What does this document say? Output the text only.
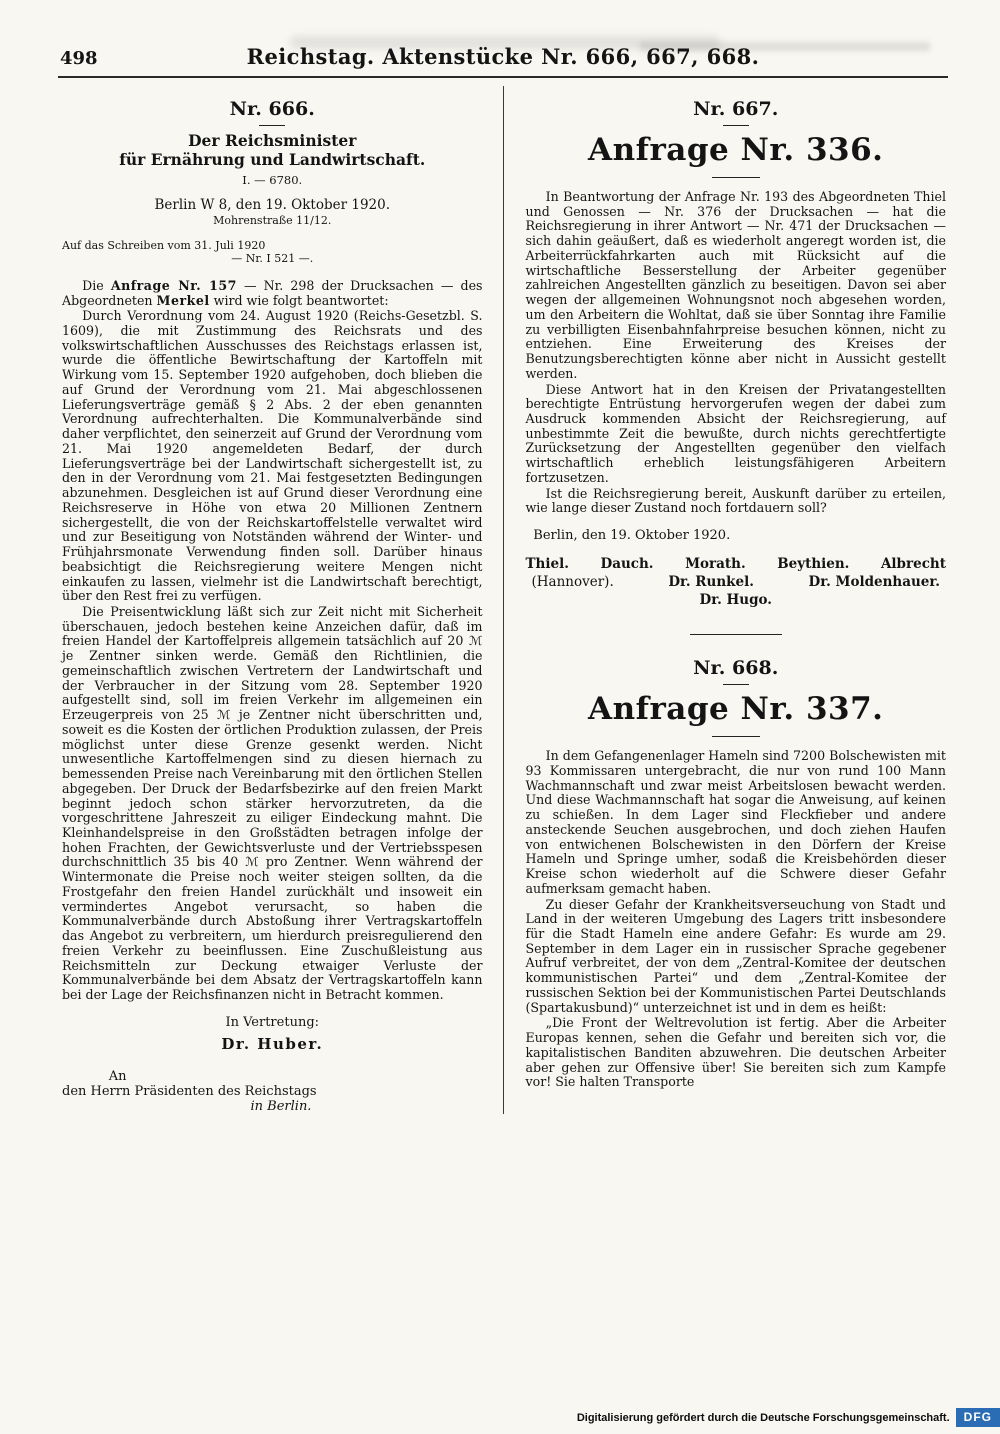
498	Reichstag. Aktenstücke Nr. 666, 667, 668.
Nr. 666.
Der Reichsminister
für Ernährung und Landwirtschaft.
I. — 6780.
Berlin W 8, den 19. Oktober 1920.
Mohrenstraße 11/12.

Auf das Schreiben vom 31. Juli 1920

— Nr. I 521 —.

Die Anfrage Nr. 157 — Nr. 298 der Drucksachen — des Abgeordneten Merkel wird wie folgt beantwortet:

Durch Verordnung vom 24. August 1920 (Reichs-Gesetzbl. S. 1609), die mit Zustimmung des Reichsrats und des volkswirtschaftlichen Ausschusses des Reichstags erlassen ist, wurde die öffentliche Bewirtschaftung der Kartoffeln mit Wirkung vom 15. September 1920 aufgehoben, doch blieben die auf Grund der Verordnung vom 21. Mai abgeschlossenen Lieferungsverträge gemäß § 2 Abs. 2 der eben genannten Verordnung aufrechterhalten. Die Kommunalverbände sind daher verpflichtet, den seinerzeit auf Grund der Verordnung vom 21. Mai 1920 angemeldeten Bedarf, der durch Lieferungsverträge bei der Landwirtschaft sichergestellt ist, zu den in der Verordnung vom 21. Mai festgesetzten Bedingungen abzunehmen. Desgleichen ist auf Grund dieser Verordnung eine Reichsreserve in Höhe von etwa 20 Millionen Zentnern sichergestellt, die von der Reichskartoffelstelle verwaltet wird und zur Beseitigung von Notständen während der Winter- und Frühjahrsmonate Verwendung finden soll. Darüber hinaus beabsichtigt die Reichsregierung weitere Mengen nicht einkaufen zu lassen, vielmehr ist die Landwirtschaft berechtigt, über den Rest frei zu verfügen.

Die Preisentwicklung läßt sich zur Zeit nicht mit Sicherheit überschauen, jedoch bestehen keine Anzeichen dafür, daß im freien Handel der Kartoffelpreis allgemein tatsächlich auf 20 ℳ je Zentner sinken werde. Gemäß den Richtlinien, die gemeinschaftlich zwischen Vertretern der Landwirtschaft und der Verbraucher in der Sitzung vom 28. September 1920 aufgestellt sind, soll im freien Verkehr im allgemeinen ein Erzeugerpreis von 25 ℳ je Zentner nicht überschritten und, soweit es die Kosten der örtlichen Produktion zulassen, der Preis möglichst unter diese Grenze gesenkt werden. Nicht unwesentliche Kartoffelmengen sind zu diesen hiernach zu bemessenden Preise nach Vereinbarung mit den örtlichen Stellen abgegeben. Der Druck der Bedarfsbezirke auf den freien Markt beginnt jedoch schon stärker hervorzutreten, da die vorgeschrittene Jahreszeit zu eiliger Eindeckung mahnt. Die Kleinhandelspreise in den Großstädten betragen infolge der hohen Frachten, der Gewichtsverluste und der Vertriebsspesen durchschnittlich 35 bis 40 ℳ pro Zentner. Wenn während der Wintermonate die Preise noch weiter steigen sollten, da die Frostgefahr den freien Handel zurückhält und insoweit ein vermindertes Angebot verursacht, so haben die Kommunalverbände durch Abstoßung ihrer Vertragskartoffeln das Angebot zu verbreitern, um hierdurch preisregulierend den freien Verkehr zu beeinflussen. Eine Zuschußleistung aus Reichsmitteln zur Deckung etwaiger Verluste der Kommunalverbände bei dem Absatz der Vertragskartoffeln kann bei der Lage der Reichsfinanzen nicht in Betracht kommen.

In Vertretung:
Dr. Huber.

An

den Herrn Präsidenten des Reichstags

in Berlin.

Nr. 667.
Anfrage Nr. 336.

In Beantwortung der Anfrage Nr. 193 des Abgeordneten Thiel und Genossen — Nr. 376 der Drucksachen — hat die Reichsregierung in ihrer Antwort — Nr. 471 der Drucksachen — sich dahin geäußert, daß es wiederholt angeregt worden ist, die Arbeiterrückfahrkarten auch mit Rücksicht auf die wirtschaftliche Besserstellung der Arbeiter gegenüber zahlreichen Angestellten gänzlich zu beseitigen. Davon sei aber wegen der allgemeinen Wohnungsnot noch abgesehen worden, um den Arbeitern die Wohltat, daß sie über Sonntag ihre Familie zu verbilligten Eisenbahnfahrpreise besuchen können, nicht zu entziehen. Eine Erweiterung des Kreises der Benutzungsberechtigten könne aber nicht in Aussicht gestellt werden.

Diese Antwort hat in den Kreisen der Privatangestellten berechtigte Entrüstung hervorgerufen wegen der dabei zum Ausdruck kommenden Absicht der Reichsregierung, auf unbestimmte Zeit die bewußte, durch nichts gerechtfertigte Zurücksetzung der Angestellten gegenüber den vielfach wirtschaftlich erheblich leistungsfähigeren Arbeitern fortzusetzen.

Ist die Reichsregierung bereit, Auskunft darüber zu erteilen, wie lange dieser Zustand noch fortdauern soll?

Berlin, den 19. Oktober 1920.

Thiel. Dauch. Morath. Beythien. Albrecht
(Hannover).	Dr. Runkel.	Dr. Moldenhauer.
Dr. Hugo.
Nr. 668.
Anfrage Nr. 337.

In dem Gefangenenlager Hameln sind 7200 Bolschewisten mit 93 Kommissaren untergebracht, die nur von rund 100 Mann Wachmannschaft und zwar meist Arbeitslosen bewacht werden. Und diese Wachmannschaft hat sogar die Anweisung, auf keinen zu schießen. In dem Lager sind Fleckfieber und andere ansteckende Seuchen ausgebrochen, und doch ziehen Haufen von entwichenen Bolschewisten in den Dörfern der Kreise Hameln und Springe umher, sodaß die Kreisbehörden dieser Kreise schon wiederholt auf die Schwere dieser Gefahr aufmerksam gemacht haben.

Zu dieser Gefahr der Krankheitsverseuchung von Stadt und Land in der weiteren Umgebung des Lagers tritt insbesondere für die Stadt Hameln eine andere Gefahr: Es wurde am 29. September in dem Lager ein in russischer Sprache gegebener Aufruf verbreitet, der von dem „Zentral-Komitee der deutschen kommunistischen Partei“ und dem „Zentral-Komitee der russischen Sektion bei der Kommunistischen Partei Deutschlands (Spartakusbund)“ unterzeichnet ist und in dem es heißt:

„Die Front der Weltrevolution ist fertig. Aber die Arbeiter Europas kennen, sehen die Gefahr und bereiten sich vor, die kapitalistischen Banditen abzuwehren. Die deutschen Arbeiter aber gehen zur Offensive über! Sie bereiten sich zum Kampfe vor! Sie halten Transporte

Digitalisierung gefördert durch die Deutsche Forschungsgemeinschaft.	DFG
